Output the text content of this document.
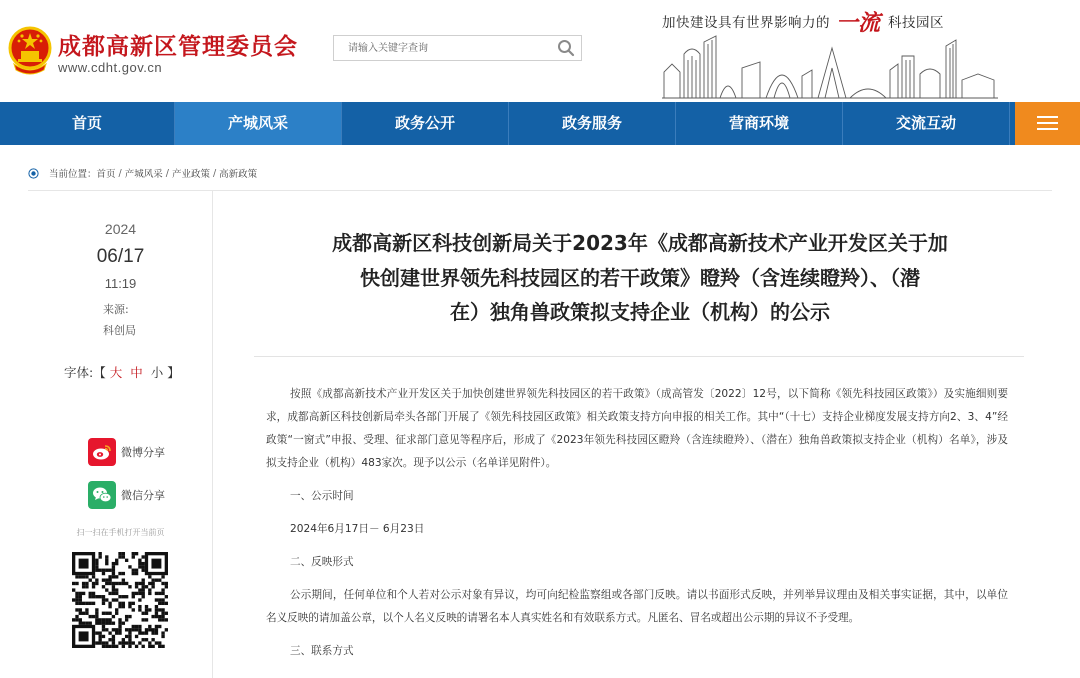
成都高新区管理委员会
www.cdht.gov.cn
请输入关键字查询
加快建设具有世界影响力的 一流 科技园区
首页	产城风采	政务公开	政务服务	营商环境	交流互动
当前位置： 首页 / 产城风采 / 产业政策 / 高新政策
2024
06/17
11:19
来源:
科创局
字体:【 大 中 小 】
微博分享
微信分享
扫一扫在手机打开当前页
成都高新区科技创新局关于2023年《成都高新技术产业开发区关于加
快创建世界领先科技园区的若干政策》瞪羚（含连续瞪羚）、（潜
在）独角兽政策拟支持企业（机构）的公示

按照《成都高新技术产业开发区关于加快创建世界领先科技园区的若干政策》（成高管发〔2022〕12号，以下简称《领先科技园区政策》）及实施细则要求，成都高新区科技创新局牵头各部门开展了《领先科技园区政策》相关政策支持方向申报的相关工作。其中“（十七）支持企业梯度发展支持方向2、3、4”经政策“一窗式”申报、受理、征求部门意见等程序后，形成了《2023年领先科技园区瞪羚（含连续瞪羚）、（潜在）独角兽政策拟支持企业（机构）名单》，涉及拟支持企业（机构）483家次。现予以公示（名单详见附件）。

一、公示时间

2024年6月17日－ 6月23日

二、反映形式

公示期间，任何单位和个人若对公示对象有异议，均可向纪检监察组或各部门反映。请以书面形式反映，并列举异议理由及相关事实证据，其中，以单位名义反映的请加盖公章，以个人名义反映的请署名本人真实姓名和有效联系方式。凡匿名、冒名或超出公示期的异议不予受理。

三、联系方式
